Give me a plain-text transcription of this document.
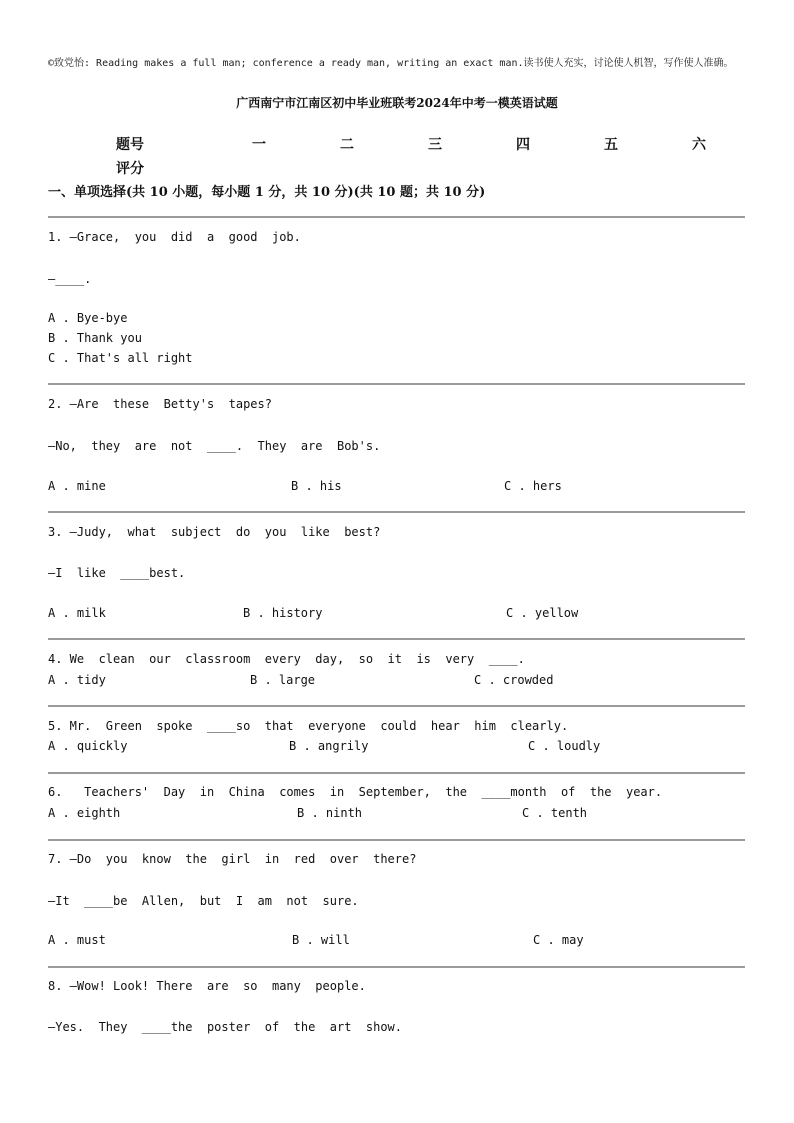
©致党怡: Reading makes a full man; conference a ready man, writing an exact man.读书使人充实，讨论使人机智，写作使人准确。
广西南宁市江南区初中毕业班联考2024年中考一模英语试题
题号	一	二	三	四	五	六
评分
一、单项选择(共 10 小题，每小题 1 分，共 10 分)(共 10 题；共 10 分)
1. —Grace,  you  did  a  good  job.
—____.
A . Bye-bye
B . Thank you
C . That's all right
2. —Are  these  Betty's  tapes?
—No,  they  are  not  ____.  They  are  Bob's.
A . mine	B . his	C . hers
3. —Judy,  what  subject  do  you  like  best?
—I  like  ____best.
A . milk	B . history	C . yellow
4. We  clean  our  classroom  every  day,  so  it  is  very  ____.
A . tidy	B . large	C . crowded
5. Mr.  Green  spoke  ____so  that  everyone  could  hear  him  clearly.
A . quickly	B . angrily	C . loudly
6.   Teachers'  Day  in  China  comes  in  September,  the  ____month  of  the  year.
A . eighth	B . ninth	C . tenth
7. —Do  you  know  the  girl  in  red  over  there?
—It  ____be  Allen,  but  I  am  not  sure.
A . must	B . will	C . may
8. —Wow! Look! There  are  so  many  people.
—Yes.  They  ____the  poster  of  the  art  show.
